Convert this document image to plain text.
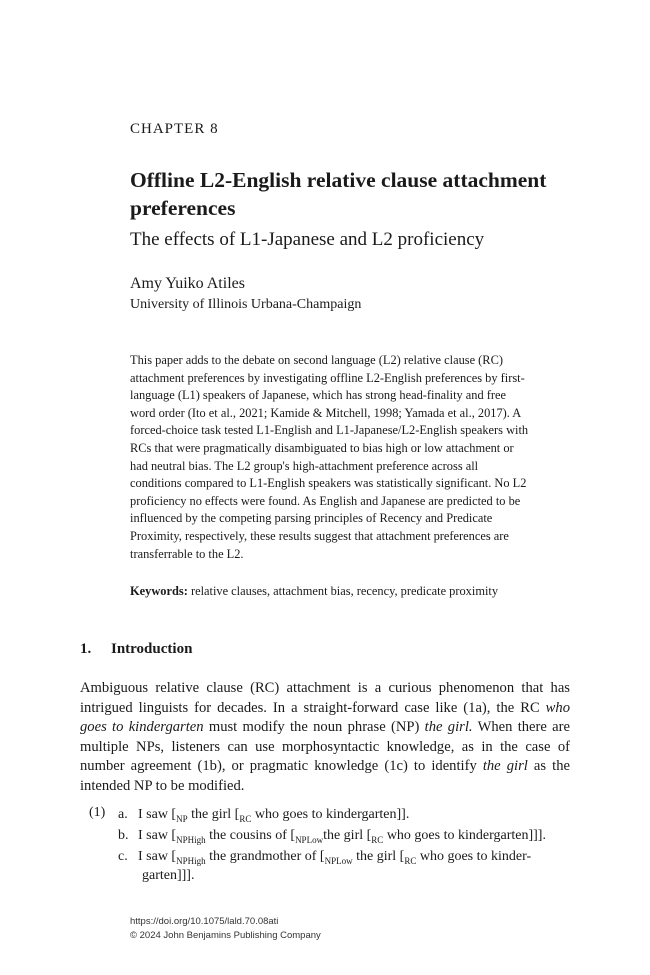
CHAPTER 8
Offline L2-English relative clause attachment preferences
The effects of L1-Japanese and L2 proficiency
Amy Yuiko Atiles
University of Illinois Urbana-Champaign
This paper adds to the debate on second language (L2) relative clause (RC) attachment preferences by investigating offline L2-English preferences by first-language (L1) speakers of Japanese, which has strong head-finality and free word order (Ito et al., 2021; Kamide & Mitchell, 1998; Yamada et al., 2017). A forced-choice task tested L1-English and L1-Japanese/L2-English speakers with RCs that were pragmatically disambiguated to bias high or low attachment or had neutral bias. The L2 group's high-attachment preference across all conditions compared to L1-English speakers was statistically significant. No L2 proficiency no effects were found. As English and Japanese are predicted to be influenced by the competing parsing principles of Recency and Predicate Proximity, respectively, these results suggest that attachment preferences are transferrable to the L2.
Keywords: relative clauses, attachment bias, recency, predicate proximity
1. Introduction
Ambiguous relative clause (RC) attachment is a curious phenomenon that has intrigued linguists for decades. In a straight-forward case like (1a), the RC who goes to kindergarten must modify the noun phrase (NP) the girl. When there are multiple NPs, listeners can use morphosyntactic knowledge, as in the case of number agreement (1b), or pragmatic knowledge (1c) to identify the girl as the intended NP to be modified.
(1) a. I saw [$_{NP}$ the girl [$_{RC}$ who goes to kindergarten]].
b. I saw [$_{NPHigh}$ the cousins of [$_{NPLow}the$ girl [$_{RC}$ who goes to kindergarten]]].
c. I saw [$_{NPHigh}$ the grandmother of [$_{NPLow}$ the girl [$_{RC}$ who goes to kinder-
garten]]].
https://doi.org/10.1075/lald.70.08ati
© 2024 John Benjamins Publishing Company
